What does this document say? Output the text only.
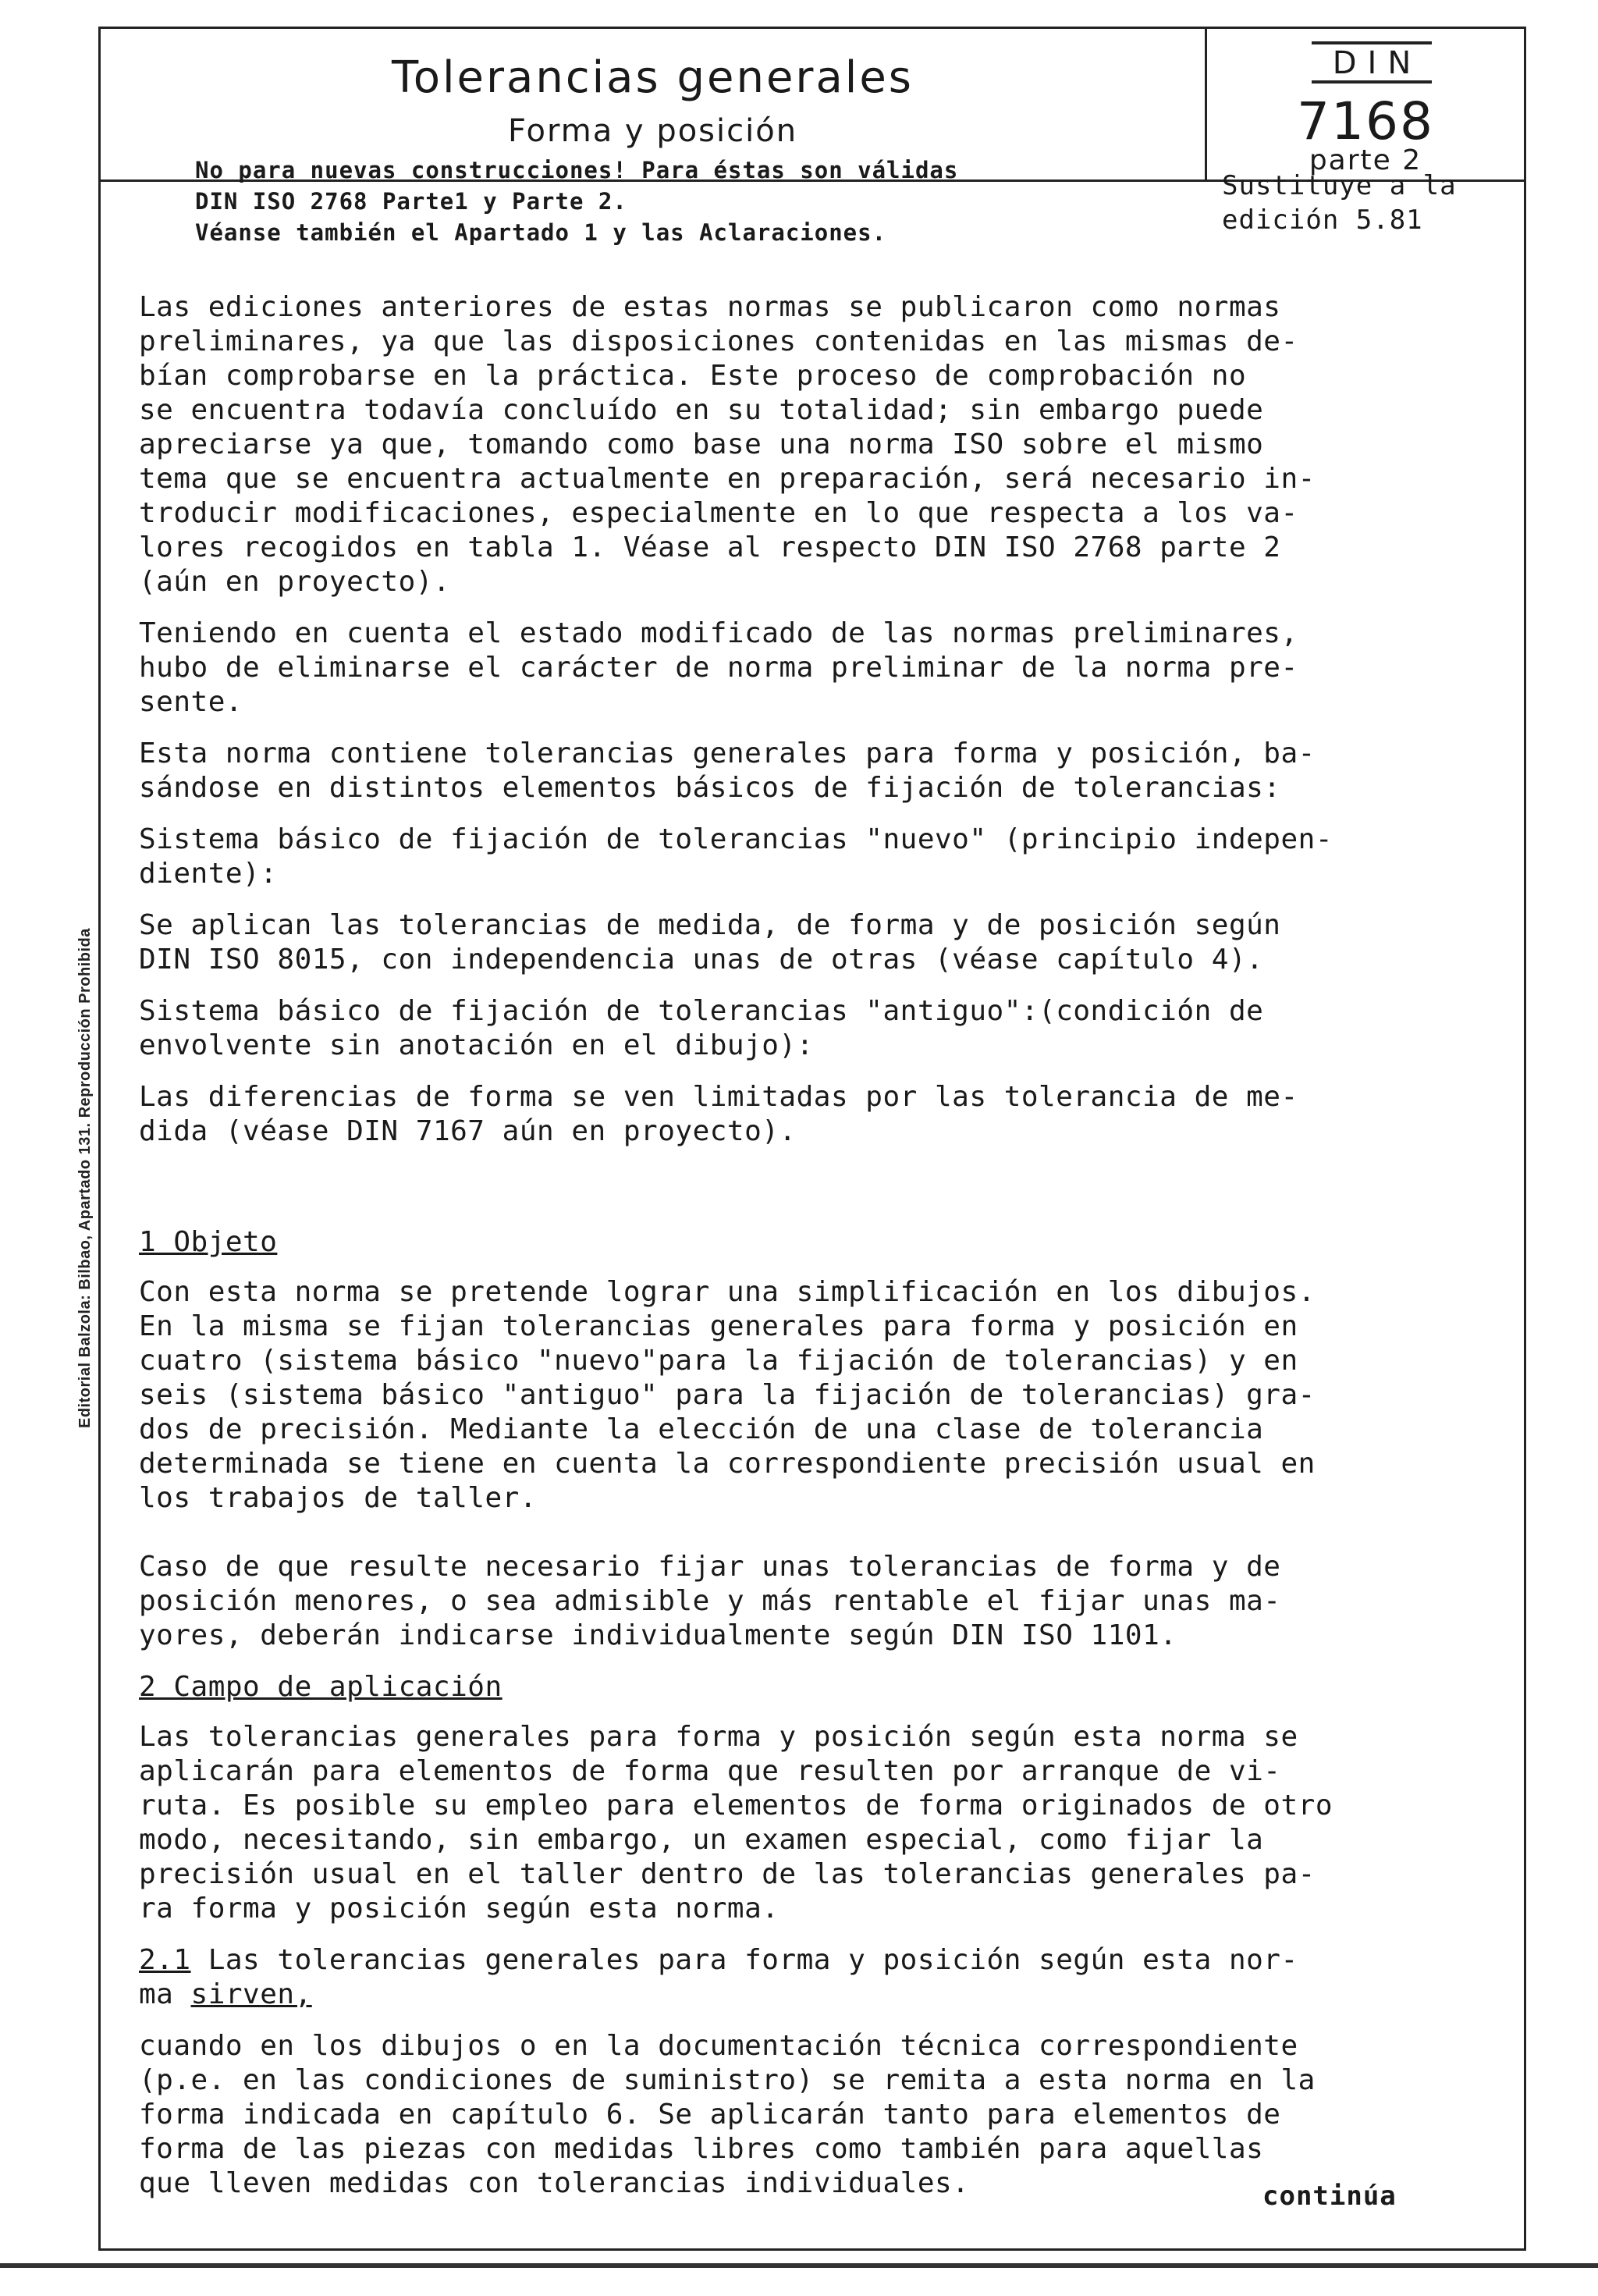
Tolerancias generales
Forma y posición
DIN
7168
parte 2
Editorial Balzola: Bilbao, Apartado 131. Reproducción Prohibida
No para nuevas construcciones! Para éstas son válidas
DIN ISO 2768 Parte1 y Parte 2.
Véanse también el Apartado 1 y las Aclaraciones.
Sustituye a la
edición 5.81
Las ediciones anteriores de estas normas se publicaron como normas
preliminares, ya que las disposiciones contenidas en las mismas de-
bían comprobarse en la práctica. Este proceso de comprobación no
se encuentra todavía concluído en su totalidad; sin embargo puede
apreciarse ya que, tomando como base una norma ISO sobre el mismo
tema que se encuentra actualmente en preparación, será necesario in-
troducir modificaciones, especialmente en lo que respecta a los va-
lores recogidos en tabla 1. Véase al respecto DIN ISO 2768 parte 2
(aún en proyecto).
Teniendo en cuenta el estado modificado de las normas preliminares,
hubo de eliminarse el carácter de norma preliminar de la norma pre-
sente.
Esta norma contiene tolerancias generales para forma y posición, ba-
sándose en distintos elementos básicos de fijación de tolerancias:
Sistema básico de fijación de tolerancias "nuevo" (principio indepen-
diente):
Se aplican las tolerancias de medida, de forma y de posición según
DIN ISO 8015, con independencia unas de otras (véase capítulo 4).
Sistema básico de fijación de tolerancias "antiguo":(condición de
envolvente sin anotación en el dibujo):
Las diferencias de forma se ven limitadas por las tolerancia de me-
dida (véase DIN 7167 aún en proyecto).
1 Objeto
Con esta norma se pretende lograr una simplificación en los dibujos.
En la misma se fijan tolerancias generales para forma y posición en
cuatro (sistema básico "nuevo"para la fijación de tolerancias) y en
seis (sistema básico "antiguo" para la fijación de tolerancias) gra-
dos de precisión. Mediante la elección de una clase de tolerancia
determinada se tiene en cuenta la correspondiente precisión usual en
los trabajos de taller.
Caso de que resulte necesario fijar unas tolerancias de forma y de
posición menores, o sea admisible y más rentable el fijar unas ma-
yores, deberán indicarse individualmente según DIN ISO 1101.
2 Campo de aplicación
Las tolerancias generales para forma y posición según esta norma se
aplicarán para elementos de forma que resulten por arranque de vi-
ruta. Es posible su empleo para elementos de forma originados de otro
modo, necesitando, sin embargo, un examen especial, como fijar la
precisión usual en el taller dentro de las tolerancias generales pa-
ra forma y posición según esta norma.
2.1 Las tolerancias generales para forma y posición según esta nor-
ma sirven,
cuando en los dibujos o en la documentación técnica correspondiente
(p.e. en las condiciones de suministro) se remita a esta norma en la
forma indicada en capítulo 6. Se aplicarán tanto para elementos de
forma de las piezas con medidas libres como también para aquellas
que lleven medidas con tolerancias individuales.	continúa
